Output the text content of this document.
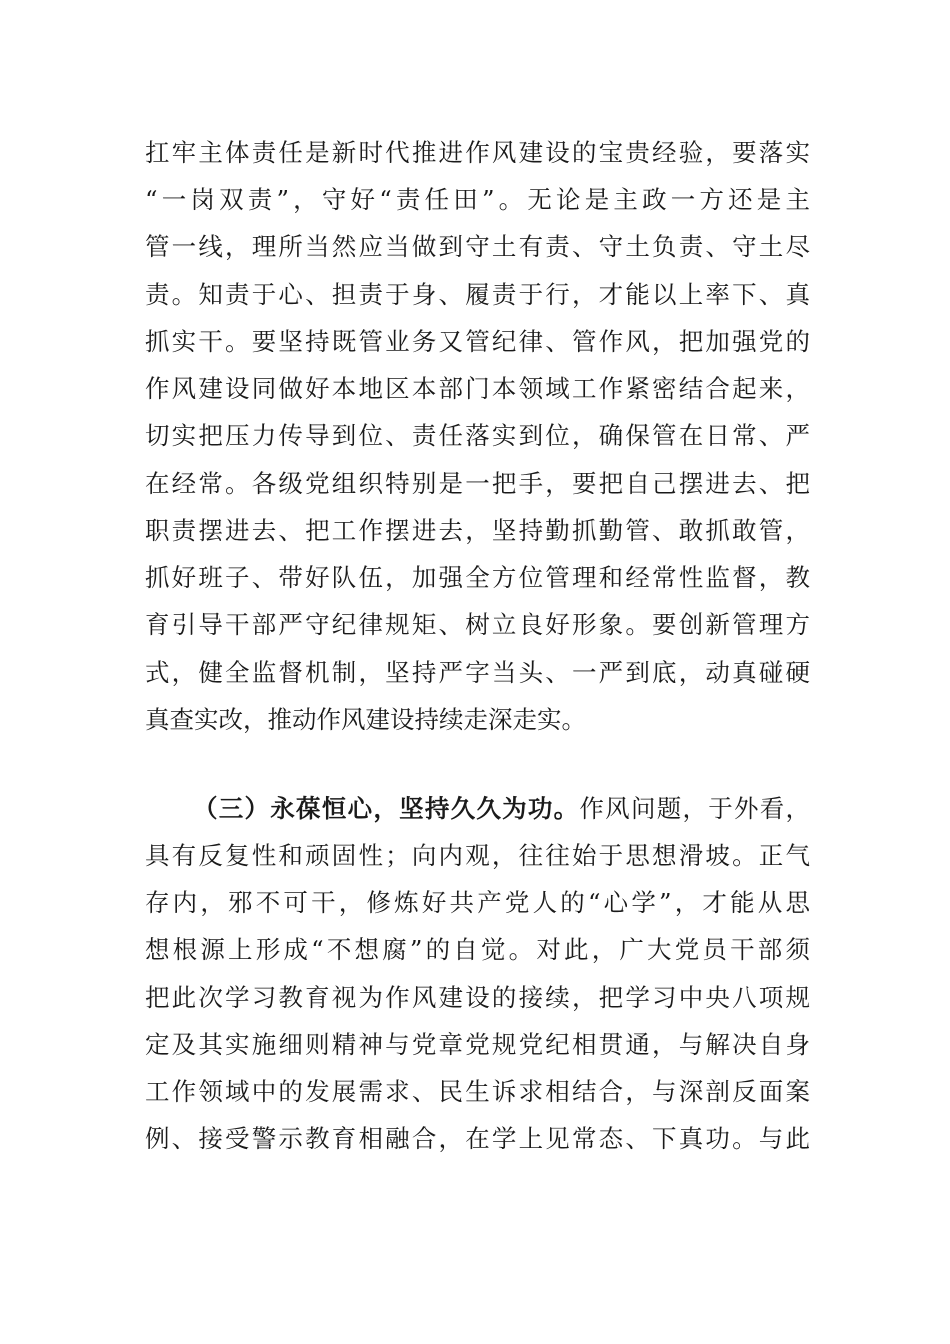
扛牢主体责任是新时代推进作风建设的宝贵经验，要落实
“一岗双责”，守好“责任田”。无论是主政一方还是主
管一线，理所当然应当做到守土有责、守土负责、守土尽
责。知责于心、担责于身、履责于行，才能以上率下、真
抓实干。要坚持既管业务又管纪律、管作风，把加强党的
作风建设同做好本地区本部门本领域工作紧密结合起来，
切实把压力传导到位、责任落实到位，确保管在日常、严
在经常。各级党组织特别是一把手，要把自己摆进去、把
职责摆进去、把工作摆进去，坚持勤抓勤管、敢抓敢管，
抓好班子、带好队伍，加强全方位管理和经常性监督，教
育引导干部严守纪律规矩、树立良好形象。要创新管理方
式，健全监督机制，坚持严字当头、一严到底，动真碰硬
真查实改，推动作风建设持续走深走实。
（三）永葆恒心，坚持久久为功。作风问题，于外看，
具有反复性和顽固性；向内观，往往始于思想滑坡。正气
存内，邪不可干，修炼好共产党人的“心学”，才能从思
想根源上形成“不想腐”的自觉。对此，广大党员干部须
把此次学习教育视为作风建设的接续，把学习中央八项规
定及其实施细则精神与党章党规党纪相贯通，与解决自身
工作领域中的发展需求、民生诉求相结合，与深剖反面案
例、接受警示教育相融合，在学上见常态、下真功。与此
